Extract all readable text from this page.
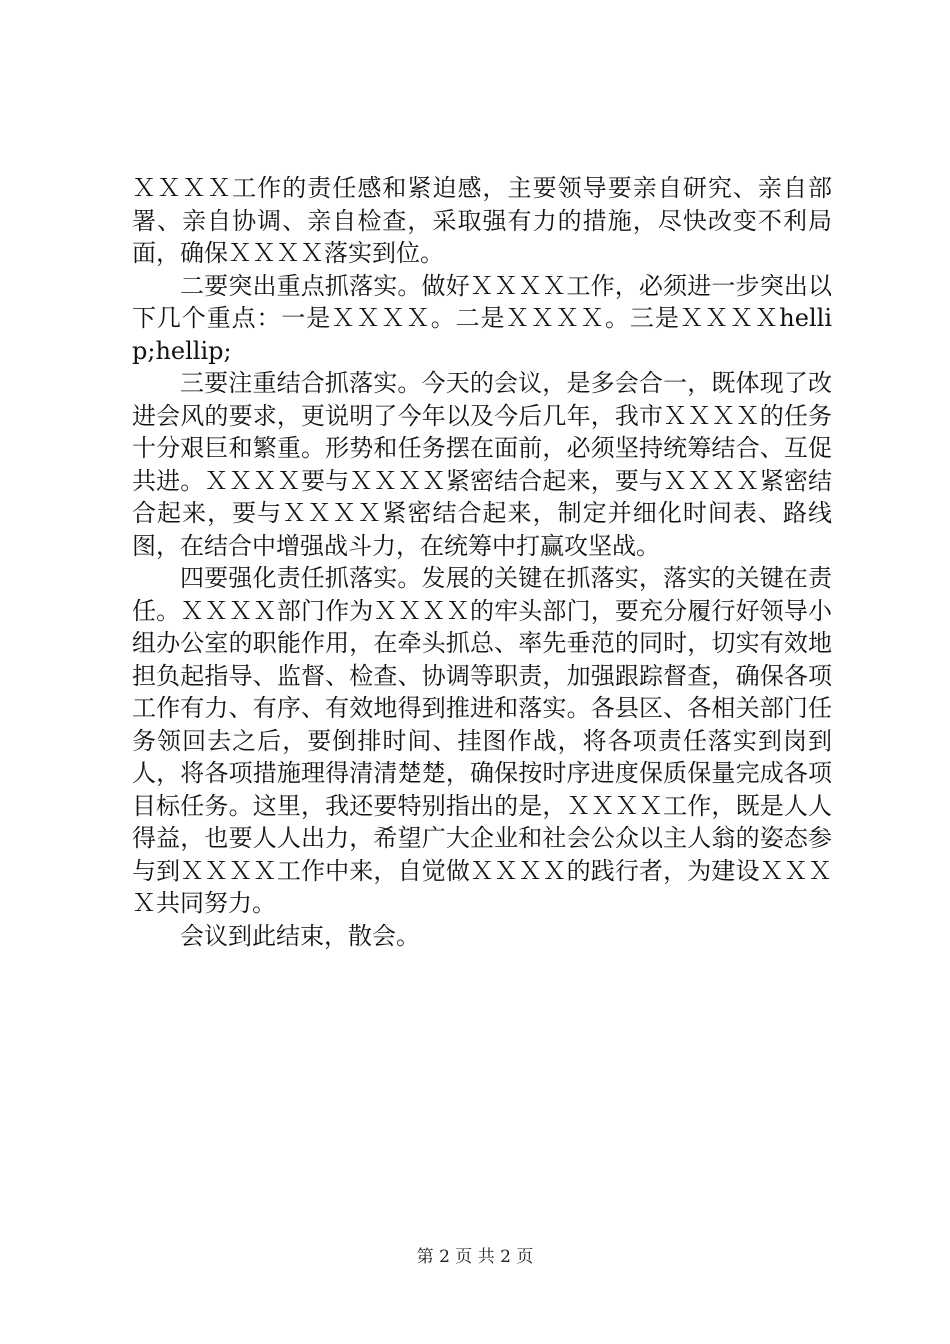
ＸＸＸＸ工作的责任感和紧迫感，主要领导要亲自研究、亲自部署、亲自协调、亲自检查，采取强有力的措施，尽快改变不利局面，确保ＸＸＸＸ落实到位。

二要突出重点抓落实。做好ＸＸＸＸ工作，必须进一步突出以下几个重点：一是ＸＸＸＸ。二是ＸＸＸＸ。三是ＸＸＸＸhellip;hellip;

三要注重结合抓落实。今天的会议，是多会合一，既体现了改进会风的要求，更说明了今年以及今后几年，我市ＸＸＸＸ的任务十分艰巨和繁重。形势和任务摆在面前，必须坚持统筹结合、互促共进。ＸＸＸＸ要与ＸＸＸＸ紧密结合起来，要与ＸＸＸＸ紧密结合起来，要与ＸＸＸＸ紧密结合起来，制定并细化时间表、路线图，在结合中增强战斗力，在统筹中打赢攻坚战。

四要强化责任抓落实。发展的关键在抓落实，落实的关键在责任。ＸＸＸＸ部门作为ＸＸＸＸ的牢头部门，要充分履行好领导小组办公室的职能作用，在牵头抓总、率先垂范的同时，切实有效地担负起指导、监督、检查、协调等职责，加强跟踪督查，确保各项工作有力、有序、有效地得到推进和落实。各县区、各相关部门任务领回去之后，要倒排时间、挂图作战，将各项责任落实到岗到人，将各项措施理得清清楚楚，确保按时序进度保质保量完成各项目标任务。这里，我还要特别指出的是，ＸＸＸＸ工作，既是人人得益，也要人人出力，希望广大企业和社会公众以主人翁的姿态参与到ＸＸＸＸ工作中来，自觉做ＸＸＸＸ的践行者，为建设ＸＸＸＸ共同努力。

会议到此结束，散会。

第 2 页 共 2 页
